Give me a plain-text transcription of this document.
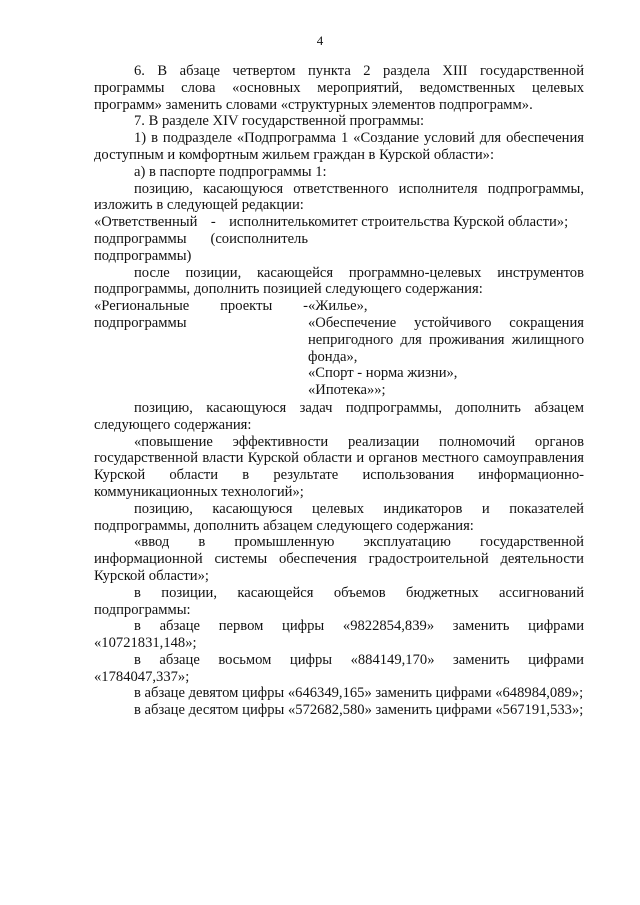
4

6. В абзаце четвертом пункта 2 раздела XIII государственной программы слова «основных мероприятий, ведомственных целевых программ» заменить словами «структурных элементов подпрограмм».

7. В разделе XIV государственной программы:

1) в подразделе «Подпрограмма 1 «Создание условий для обеспечения доступным и комфортным жильем граждан в Курской области»:

а) в паспорте подпрограммы 1:

позицию, касающуюся ответственного исполнителя подпрограммы, изложить в следующей редакции:

«Ответственный - исполнитель подпрограммы (соисполнитель подпрограммы)
комитет строительства Курской области»;

после позиции, касающейся программно-целевых инструментов подпрограммы, дополнить позицией следующего содержания:

«Региональные проекты - подпрограммы

«Жилье»,

«Обеспечение устойчивого сокращения непригодного для проживания жилищного фонда»,

«Спорт - норма жизни»,

«Ипотека»»;

позицию, касающуюся задач подпрограммы, дополнить абзацем следующего содержания:

«повышение эффективности реализации полномочий органов государственной власти Курской области и органов местного самоуправления Курской области в результате использования информационно-коммуникационных технологий»;

позицию, касающуюся целевых индикаторов и показателей подпрограммы, дополнить абзацем следующего содержания:

«ввод в промышленную эксплуатацию государственной информационной системы обеспечения градостроительной деятельности Курской области»;

в позиции, касающейся объемов бюджетных ассигнований подпрограммы:

в абзаце первом цифры «9822854,839» заменить цифрами «10721831,148»;

в абзаце восьмом цифры «884149,170» заменить цифрами «1784047,337»;

в абзаце девятом цифры «646349,165» заменить цифрами «648984,089»;

в абзаце десятом цифры «572682,580» заменить цифрами «567191,533»;
